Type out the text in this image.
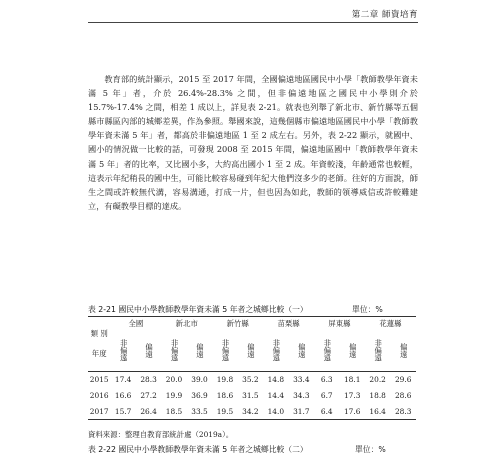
第二章 師資培育

教育部的統計顯示，2015 至 2017 年間，全國偏遠地區國民中小學「教師教學年資未滿 5 年」者，介於 26.4%-28.3% 之間，但非偏遠地區之國民中小學則介於 15.7%-17.4% 之間，相差 1 成以上，詳見表 2-21。就表也列舉了新北市、新竹縣等五個縣市縣區內部的城鄉差異，作為參照。舉國來說，這幾個縣市偏遠地區國民中小學「教師教學年資未滿 5 年」者，都高於非偏遠地區 1 至 2 成左右。另外，表 2-22 顯示，就國中、國小的情況做一比較的話，可發現 2008 至 2015 年間，偏遠地區國中「教師教學年資未滿 5 年」者的比率，又比國小多，大約高出國小 1 至 2 成。年資較淺，年齡通常也較輕，這表示年紀稍長的國中生，可能比較容易碰到年紀大他們沒多少的老師。往好的方面說，師生之間或許較無代溝，容易溝通，打成一片，但也因為如此，教師的領導威信或許較難建立，有礙教學目標的達成。

表 2-21 國民中小學教師教學年資未滿 5 年者之城鄉比較（一）	單位：%
類 別
年度	全國		新北市		新竹縣		苗栗縣		屏東縣		花蓮縣	
	非偏遠	偏遠	非偏遠	偏遠	非偏遠	偏遠	非偏遠	偏遠	非偏遠	偏遠	非偏遠	偏遠
2015	17.4	28.3	20.0	39.0	19.8	35.2	14.8	33.4	6.3	18.1	20.2	29.6
2016	16.6	27.2	19.9	36.9	18.6	31.5	14.4	34.3	6.7	17.3	18.8	28.6
2017	15.7	26.4	18.5	33.5	19.5	34.2	14.0	31.7	6.4	17.6	16.4	28.3
資料來源：整理自教育部統計處（2019a）。
表 2-22 國民中小學教師教學年資未滿 5 年者之城鄉比較（二）	單位：%
